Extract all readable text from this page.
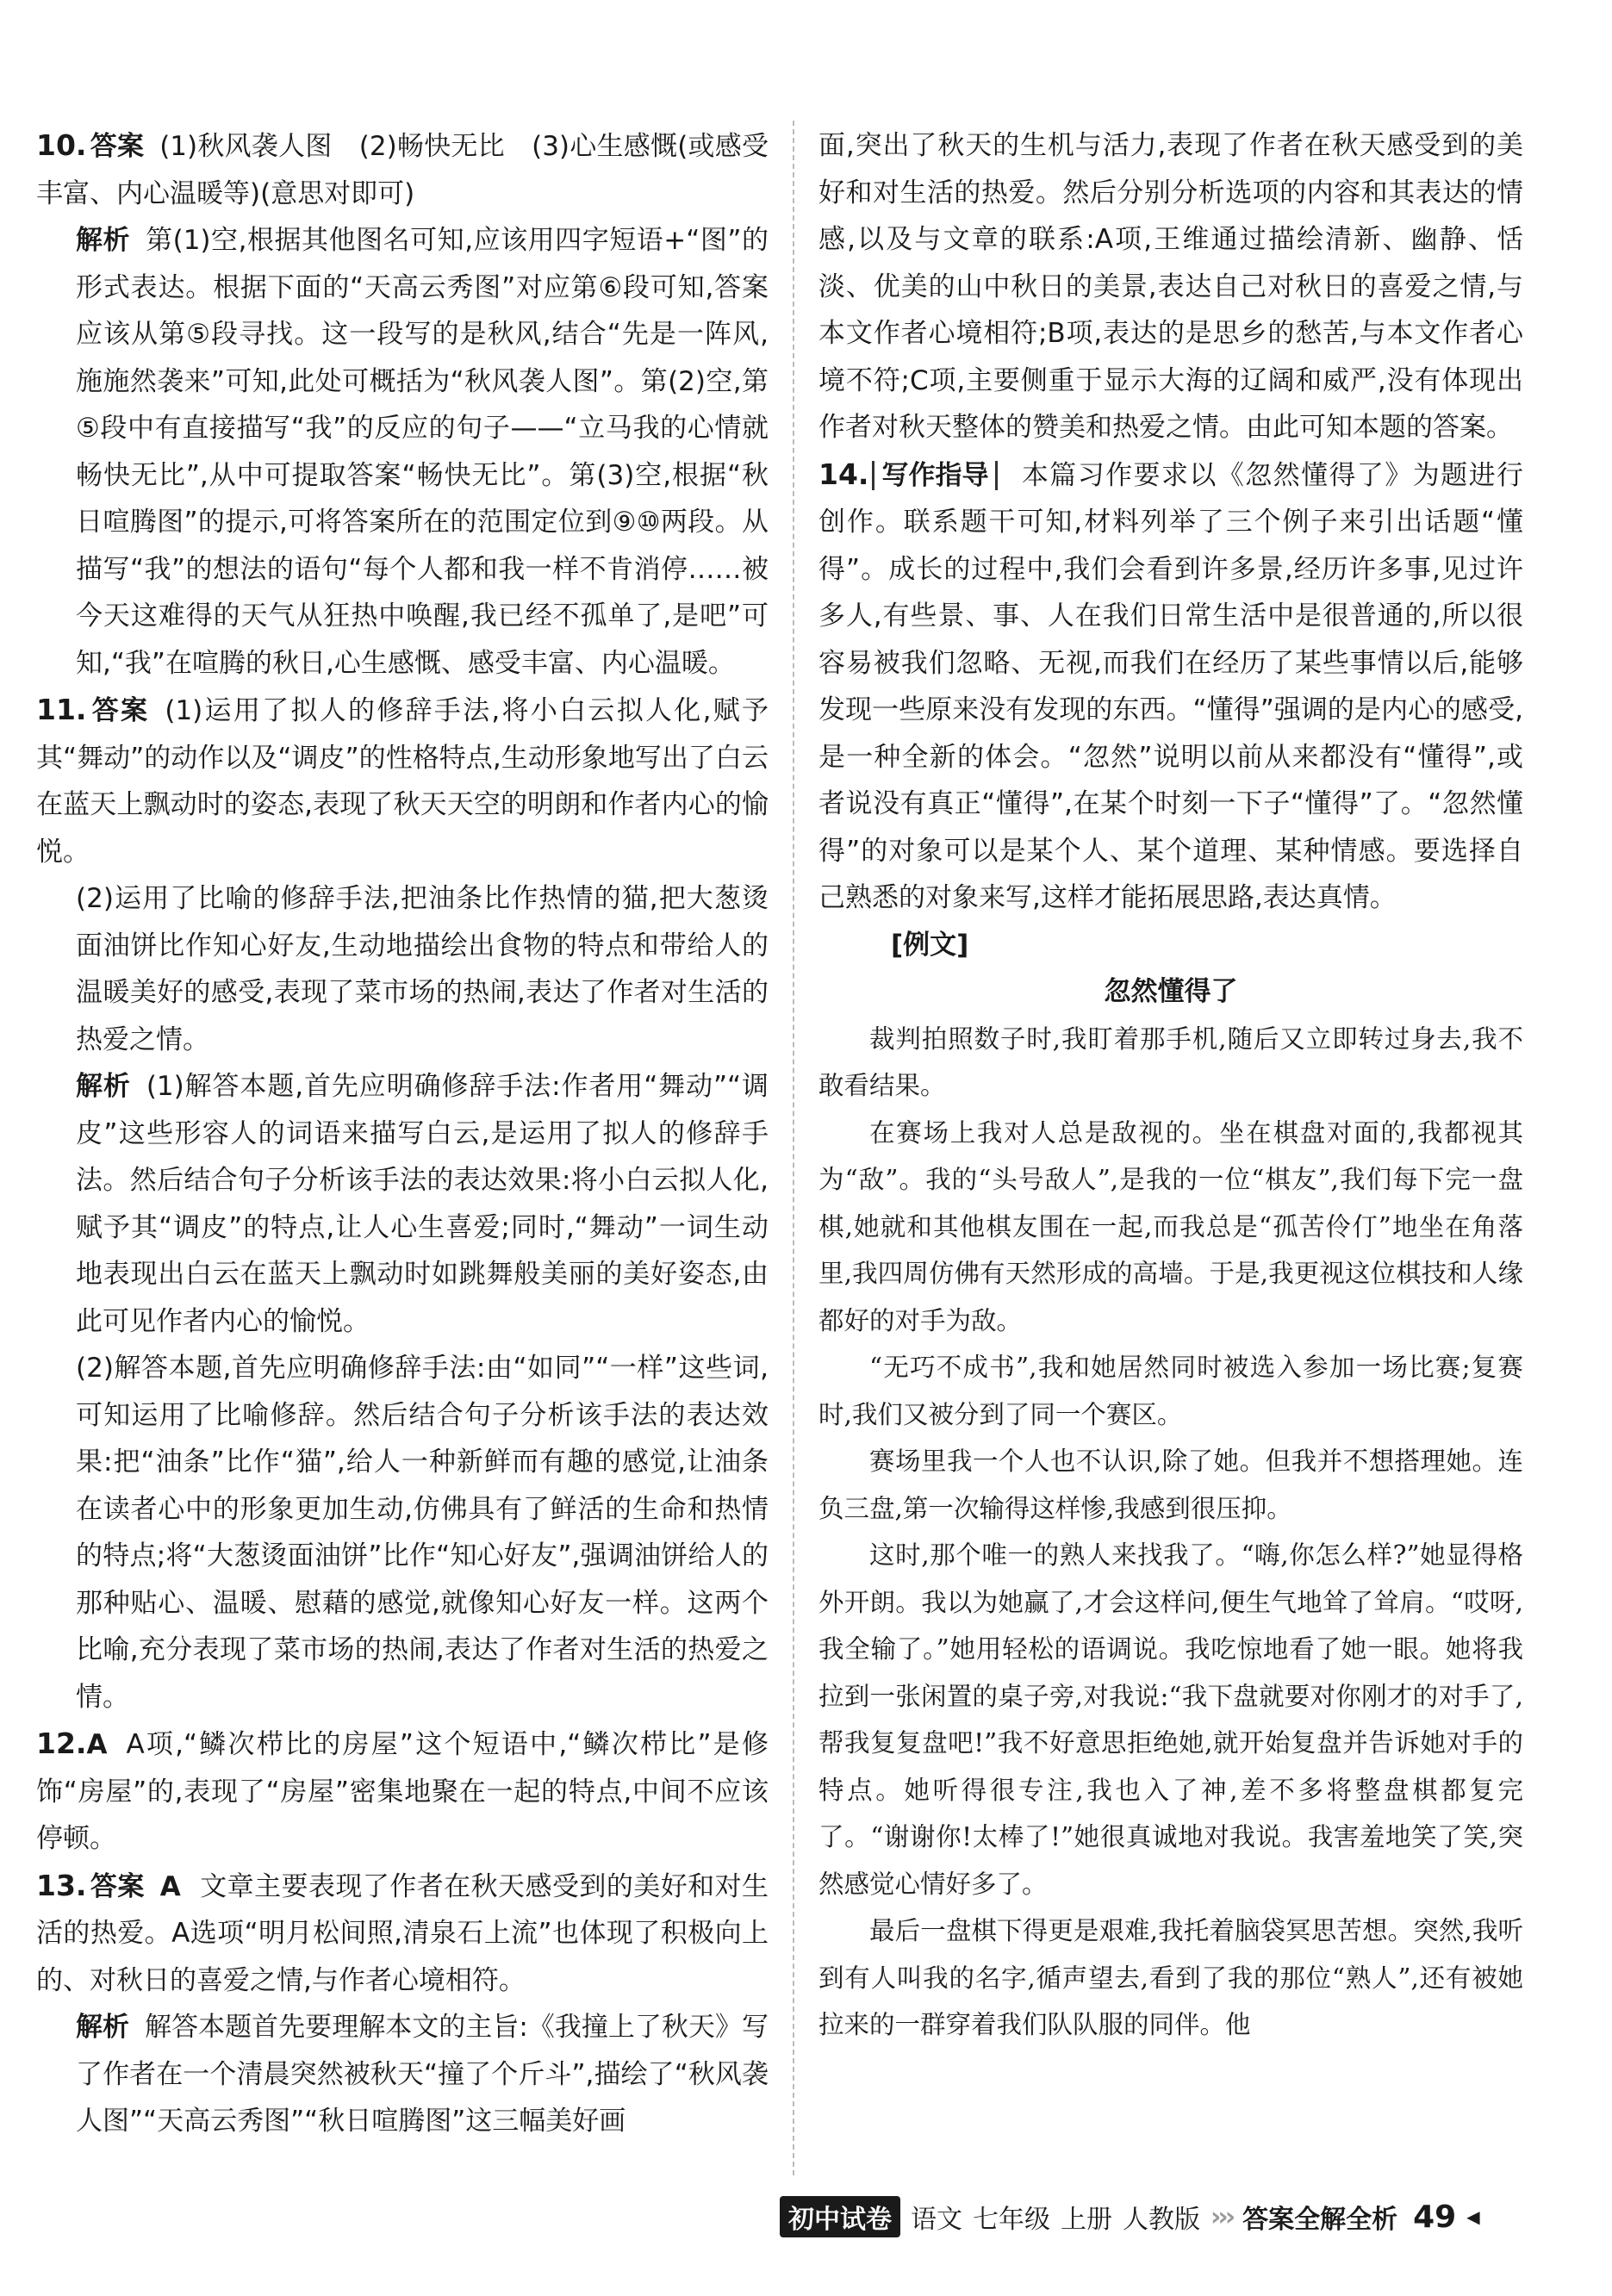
10. 答案 (1)秋风袭人图　(2)畅快无比　(3)心生感慨(或感受丰富、内心温暖等)(意思对即可)

解析 第(1)空,根据其他图名可知,应该用四字短语+“图”的形式表达。根据下面的“天高云秀图”对应第⑥段可知,答案应该从第⑤段寻找。这一段写的是秋风,结合“先是一阵风,施施然袭来”可知,此处可概括为“秋风袭人图”。第(2)空,第⑤段中有直接描写“我”的反应的句子——“立马我的心情就畅快无比”,从中可提取答案“畅快无比”。第(3)空,根据“秋日喧腾图”的提示,可将答案所在的范围定位到⑨⑩两段。从描写“我”的想法的语句“每个人都和我一样不肯消停……被今天这难得的天气从狂热中唤醒,我已经不孤单了,是吧”可知,“我”在喧腾的秋日,心生感慨、感受丰富、内心温暖。

11. 答案 (1)运用了拟人的修辞手法,将小白云拟人化,赋予其“舞动”的动作以及“调皮”的性格特点,生动形象地写出了白云在蓝天上飘动时的姿态,表现了秋天天空的明朗和作者内心的愉悦。

(2)运用了比喻的修辞手法,把油条比作热情的猫,把大葱烫面油饼比作知心好友,生动地描绘出食物的特点和带给人的温暖美好的感受,表现了菜市场的热闹,表达了作者对生活的热爱之情。

解析 (1)解答本题,首先应明确修辞手法:作者用“舞动”“调皮”这些形容人的词语来描写白云,是运用了拟人的修辞手法。然后结合句子分析该手法的表达效果:将小白云拟人化,赋予其“调皮”的特点,让人心生喜爱;同时,“舞动”一词生动地表现出白云在蓝天上飘动时如跳舞般美丽的美好姿态,由此可见作者内心的愉悦。

(2)解答本题,首先应明确修辞手法:由“如同”“一样”这些词,可知运用了比喻修辞。然后结合句子分析该手法的表达效果:把“油条”比作“猫”,给人一种新鲜而有趣的感觉,让油条在读者心中的形象更加生动,仿佛具有了鲜活的生命和热情的特点;将“大葱烫面油饼”比作“知心好友”,强调油饼给人的那种贴心、温暖、慰藉的感觉,就像知心好友一样。这两个比喻,充分表现了菜市场的热闹,表达了作者对生活的热爱之情。

12.A A项,“鳞次栉比的房屋”这个短语中,“鳞次栉比”是修饰“房屋”的,表现了“房屋”密集地聚在一起的特点,中间不应该停顿。

13. 答案 A 文章主要表现了作者在秋天感受到的美好和对生活的热爱。A选项“明月松间照,清泉石上流”也体现了积极向上的、对秋日的喜爱之情,与作者心境相符。

解析 解答本题首先要理解本文的主旨:《我撞上了秋天》写了作者在一个清晨突然被秋天“撞了个斤斗”,描绘了“秋风袭人图”“天高云秀图”“秋日喧腾图”这三幅美好画

面,突出了秋天的生机与活力,表现了作者在秋天感受到的美好和对生活的热爱。然后分别分析选项的内容和其表达的情感,以及与文章的联系:A项,王维通过描绘清新、幽静、恬淡、优美的山中秋日的美景,表达自己对秋日的喜爱之情,与本文作者心境相符;B项,表达的是思乡的愁苦,与本文作者心境不符;C项,主要侧重于显示大海的辽阔和威严,没有体现出作者对秋天整体的赞美和热爱之情。由此可知本题的答案。

14. 写作指导 本篇习作要求以《忽然懂得了》为题进行创作。联系题干可知,材料列举了三个例子来引出话题“懂得”。成长的过程中,我们会看到许多景,经历许多事,见过许多人,有些景、事、人在我们日常生活中是很普通的,所以很容易被我们忽略、无视,而我们在经历了某些事情以后,能够发现一些原来没有发现的东西。“懂得”强调的是内心的感受,是一种全新的体会。“忽然”说明以前从来都没有“懂得”,或者说没有真正“懂得”,在某个时刻一下子“懂得”了。“忽然懂得”的对象可以是某个人、某个道理、某种情感。要选择自己熟悉的对象来写,这样才能拓展思路,表达真情。

[例文]

忽然懂得了

裁判拍照数子时,我盯着那手机,随后又立即转过身去,我不敢看结果。

在赛场上我对人总是敌视的。坐在棋盘对面的,我都视其为“敌”。我的“头号敌人”,是我的一位“棋友”,我们每下完一盘棋,她就和其他棋友围在一起,而我总是“孤苦伶仃”地坐在角落里,我四周仿佛有天然形成的高墙。于是,我更视这位棋技和人缘都好的对手为敌。

“无巧不成书”,我和她居然同时被选入参加一场比赛;复赛时,我们又被分到了同一个赛区。

赛场里我一个人也不认识,除了她。但我并不想搭理她。连负三盘,第一次输得这样惨,我感到很压抑。

这时,那个唯一的熟人来找我了。“嗨,你怎么样?”她显得格外开朗。我以为她赢了,才会这样问,便生气地耸了耸肩。“哎呀,我全输了。”她用轻松的语调说。我吃惊地看了她一眼。她将我拉到一张闲置的桌子旁,对我说:“我下盘就要对你刚才的对手了,帮我复复盘吧!”我不好意思拒绝她,就开始复盘并告诉她对手的特点。她听得很专注,我也入了神,差不多将整盘棋都复完了。“谢谢你!太棒了!”她很真诚地对我说。我害羞地笑了笑,突然感觉心情好多了。

最后一盘棋下得更是艰难,我托着脑袋冥思苦想。突然,我听到有人叫我的名字,循声望去,看到了我的那位“熟人”,还有被她拉来的一群穿着我们队队服的同伴。他

初中试卷 语文 七年级 上册 人教版 ››› 答案全解全析 49 ◀
